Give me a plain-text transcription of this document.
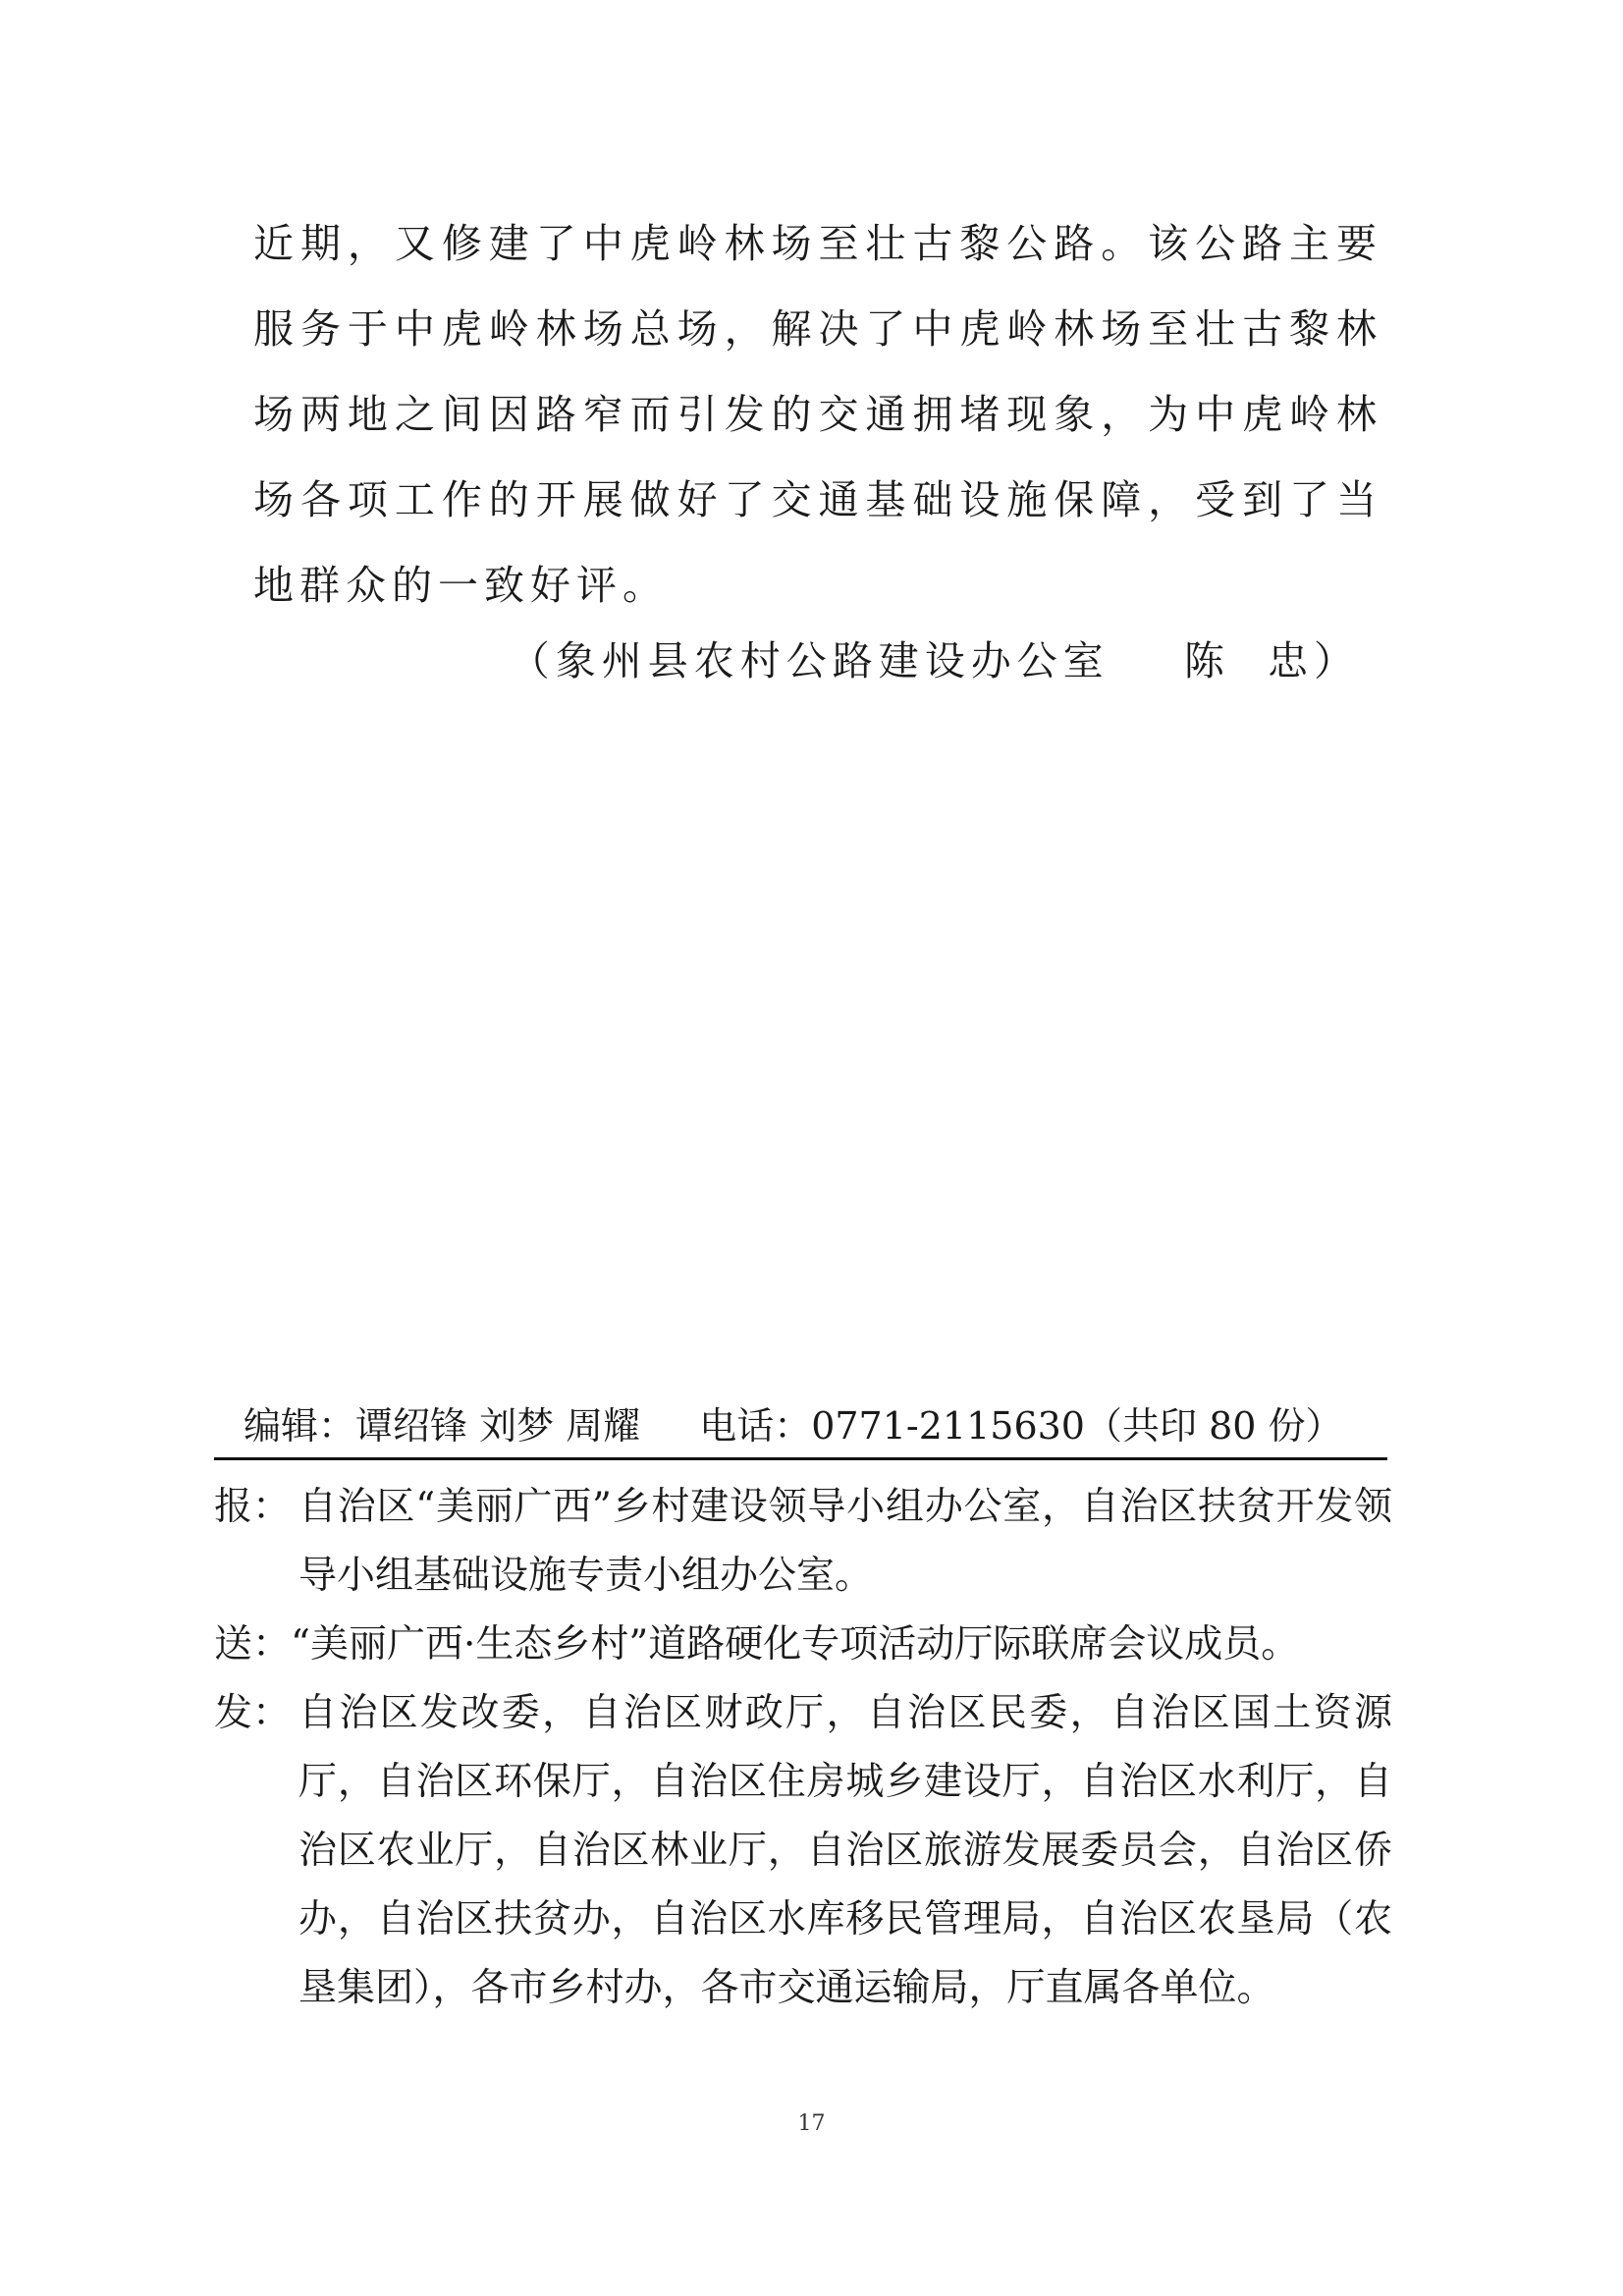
近期，又修建了中虎岭林场至壮古黎公路。该公路主要服务于中虎岭林场总场，解决了中虎岭林场至壮古黎林场两地之间因路窄而引发的交通拥堵现象，为中虎岭林场各项工作的开展做好了交通基础设施保障，受到了当地群众的一致好评。
（象州县农村公路建设办公室    陈  忠）
编辑：谭绍锋 刘梦 周耀 电话：0771-2115630（共印 80 份）
报： 自治区“美丽广西”乡村建设领导小组办公室，自治区扶贫开发领导小组基础设施专责小组办公室。
送： “美丽广西·生态乡村”道路硬化专项活动厅际联席会议成员。
发： 自治区发改委，自治区财政厅，自治区民委，自治区国土资源厅，自治区环保厅，自治区住房城乡建设厅，自治区水利厅，自治区农业厅，自治区林业厅，自治区旅游发展委员会，自治区侨办，自治区扶贫办，自治区水库移民管理局，自治区农垦局（农垦集团），各市乡村办，各市交通运输局，厅直属各单位。
17
